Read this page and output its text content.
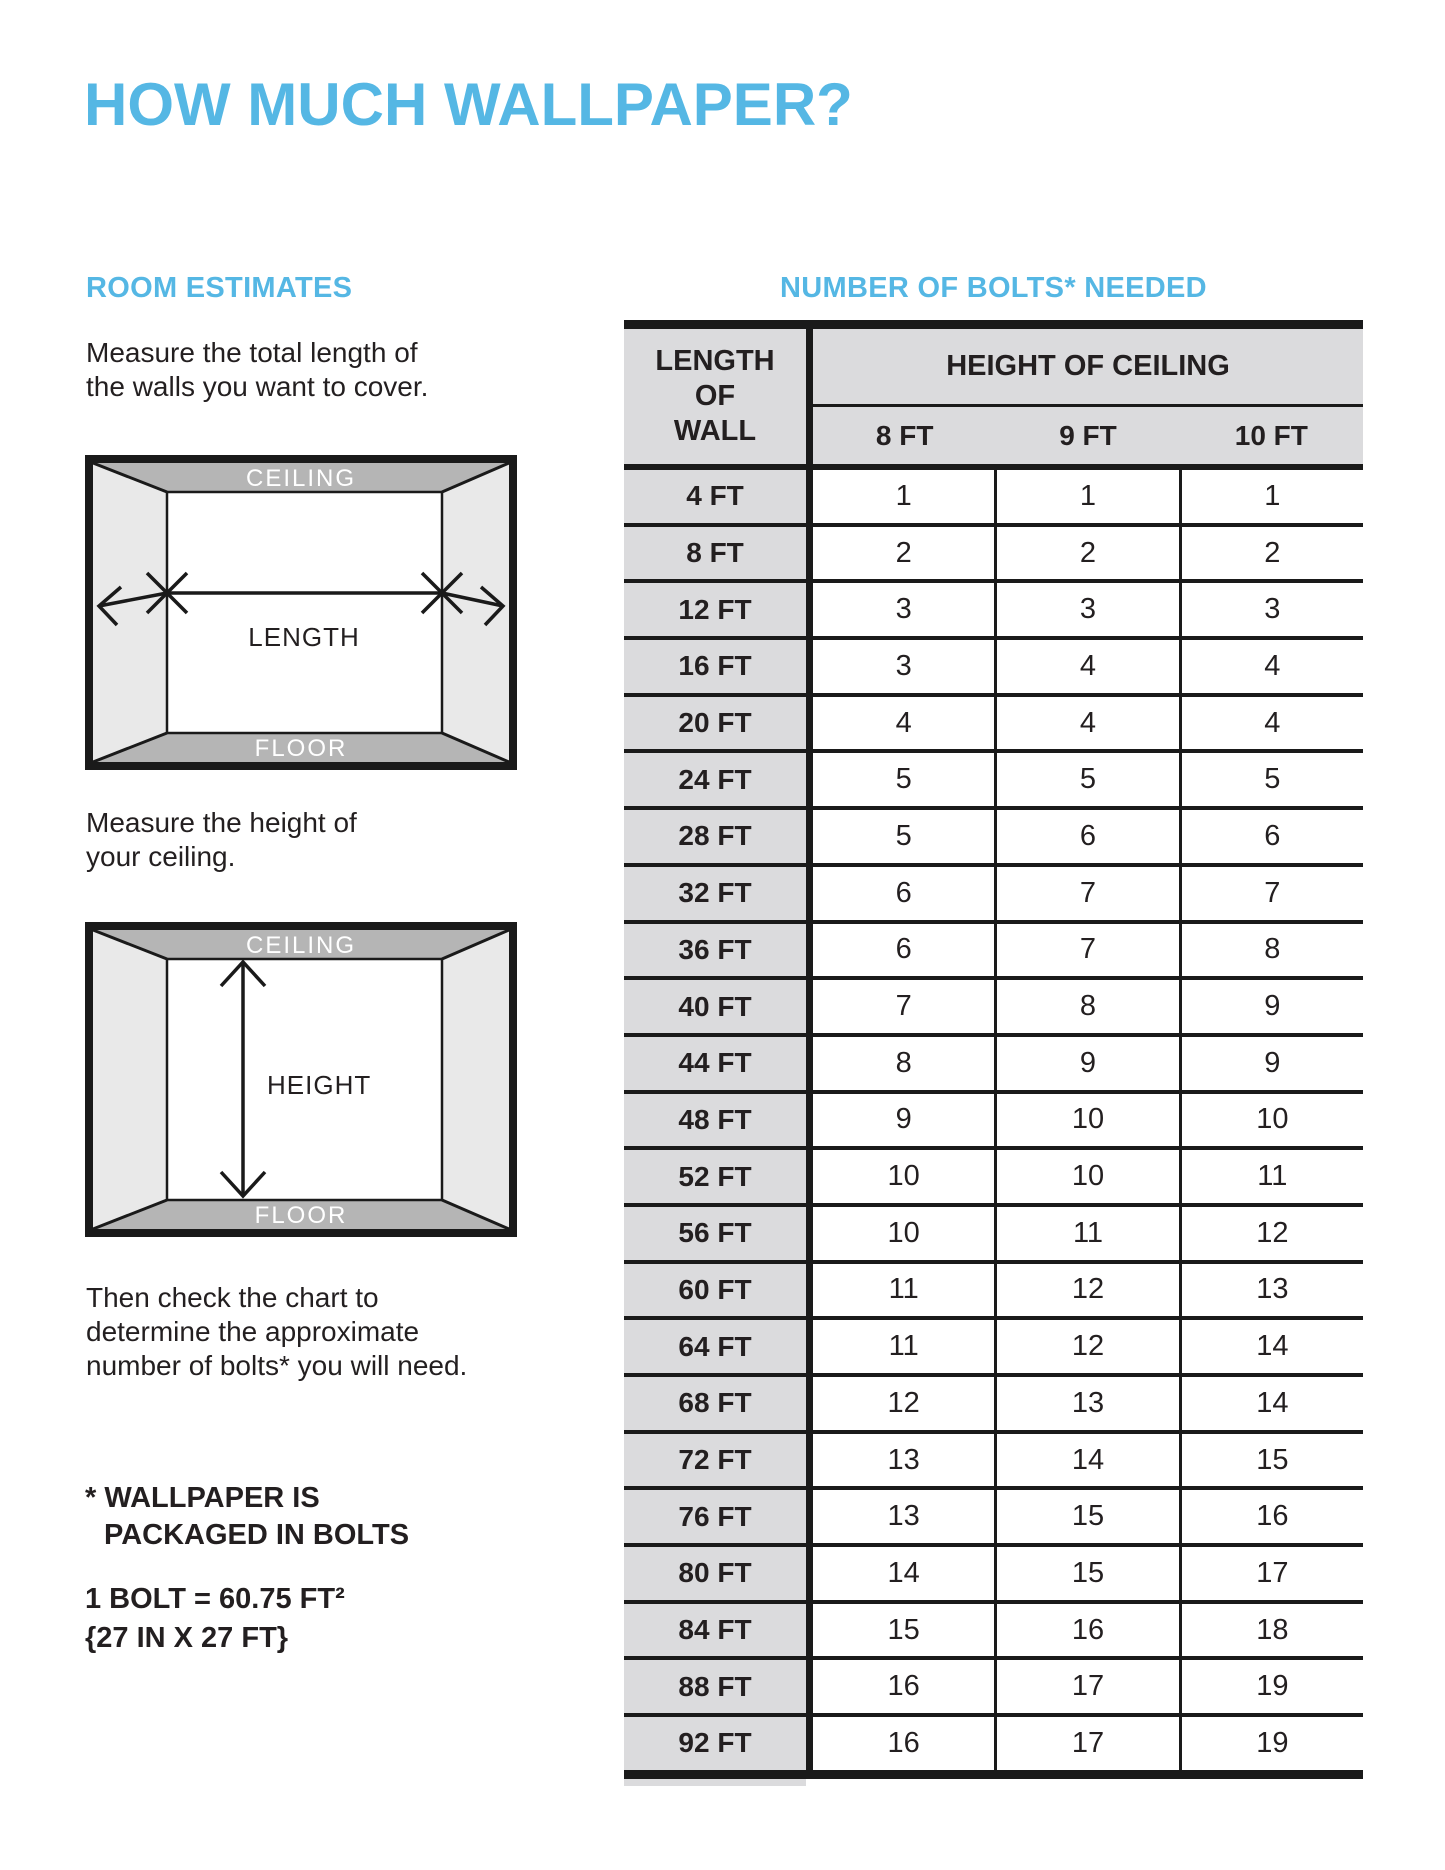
HOW MUCH WALLPAPER?
ROOM ESTIMATES	NUMBER OF BOLTS* NEEDED
Measure the total length of
the walls you want to cover.
CEILING
FLOOR
LENGTH
Measure the height of
your ceiling.
CEILING
FLOOR
HEIGHT
Then check the chart to
determine the approximate
number of bolts* you will need.
* WALLPAPER IS
PACKAGED IN BOLTS
1 BOLT = 60.75 FT²
{27 IN X 27 FT}
LENGTH OF WALL
HEIGHT OF CEILING
8 FT	9 FT	10 FT
4 FT	1	1	1
8 FT	2	2	2
12 FT	3	3	3
16 FT	3	4	4
20 FT	4	4	4
24 FT	5	5	5
28 FT	5	6	6
32 FT	6	7	7
36 FT	6	7	8
40 FT	7	8	9
44 FT	8	9	9
48 FT	9	10	10
52 FT	10	10	11
56 FT	10	11	12
60 FT	11	12	13
64 FT	11	12	14
68 FT	12	13	14
72 FT	13	14	15
76 FT	13	15	16
80 FT	14	15	17
84 FT	15	16	18
88 FT	16	17	19
92 FT	16	17	19
